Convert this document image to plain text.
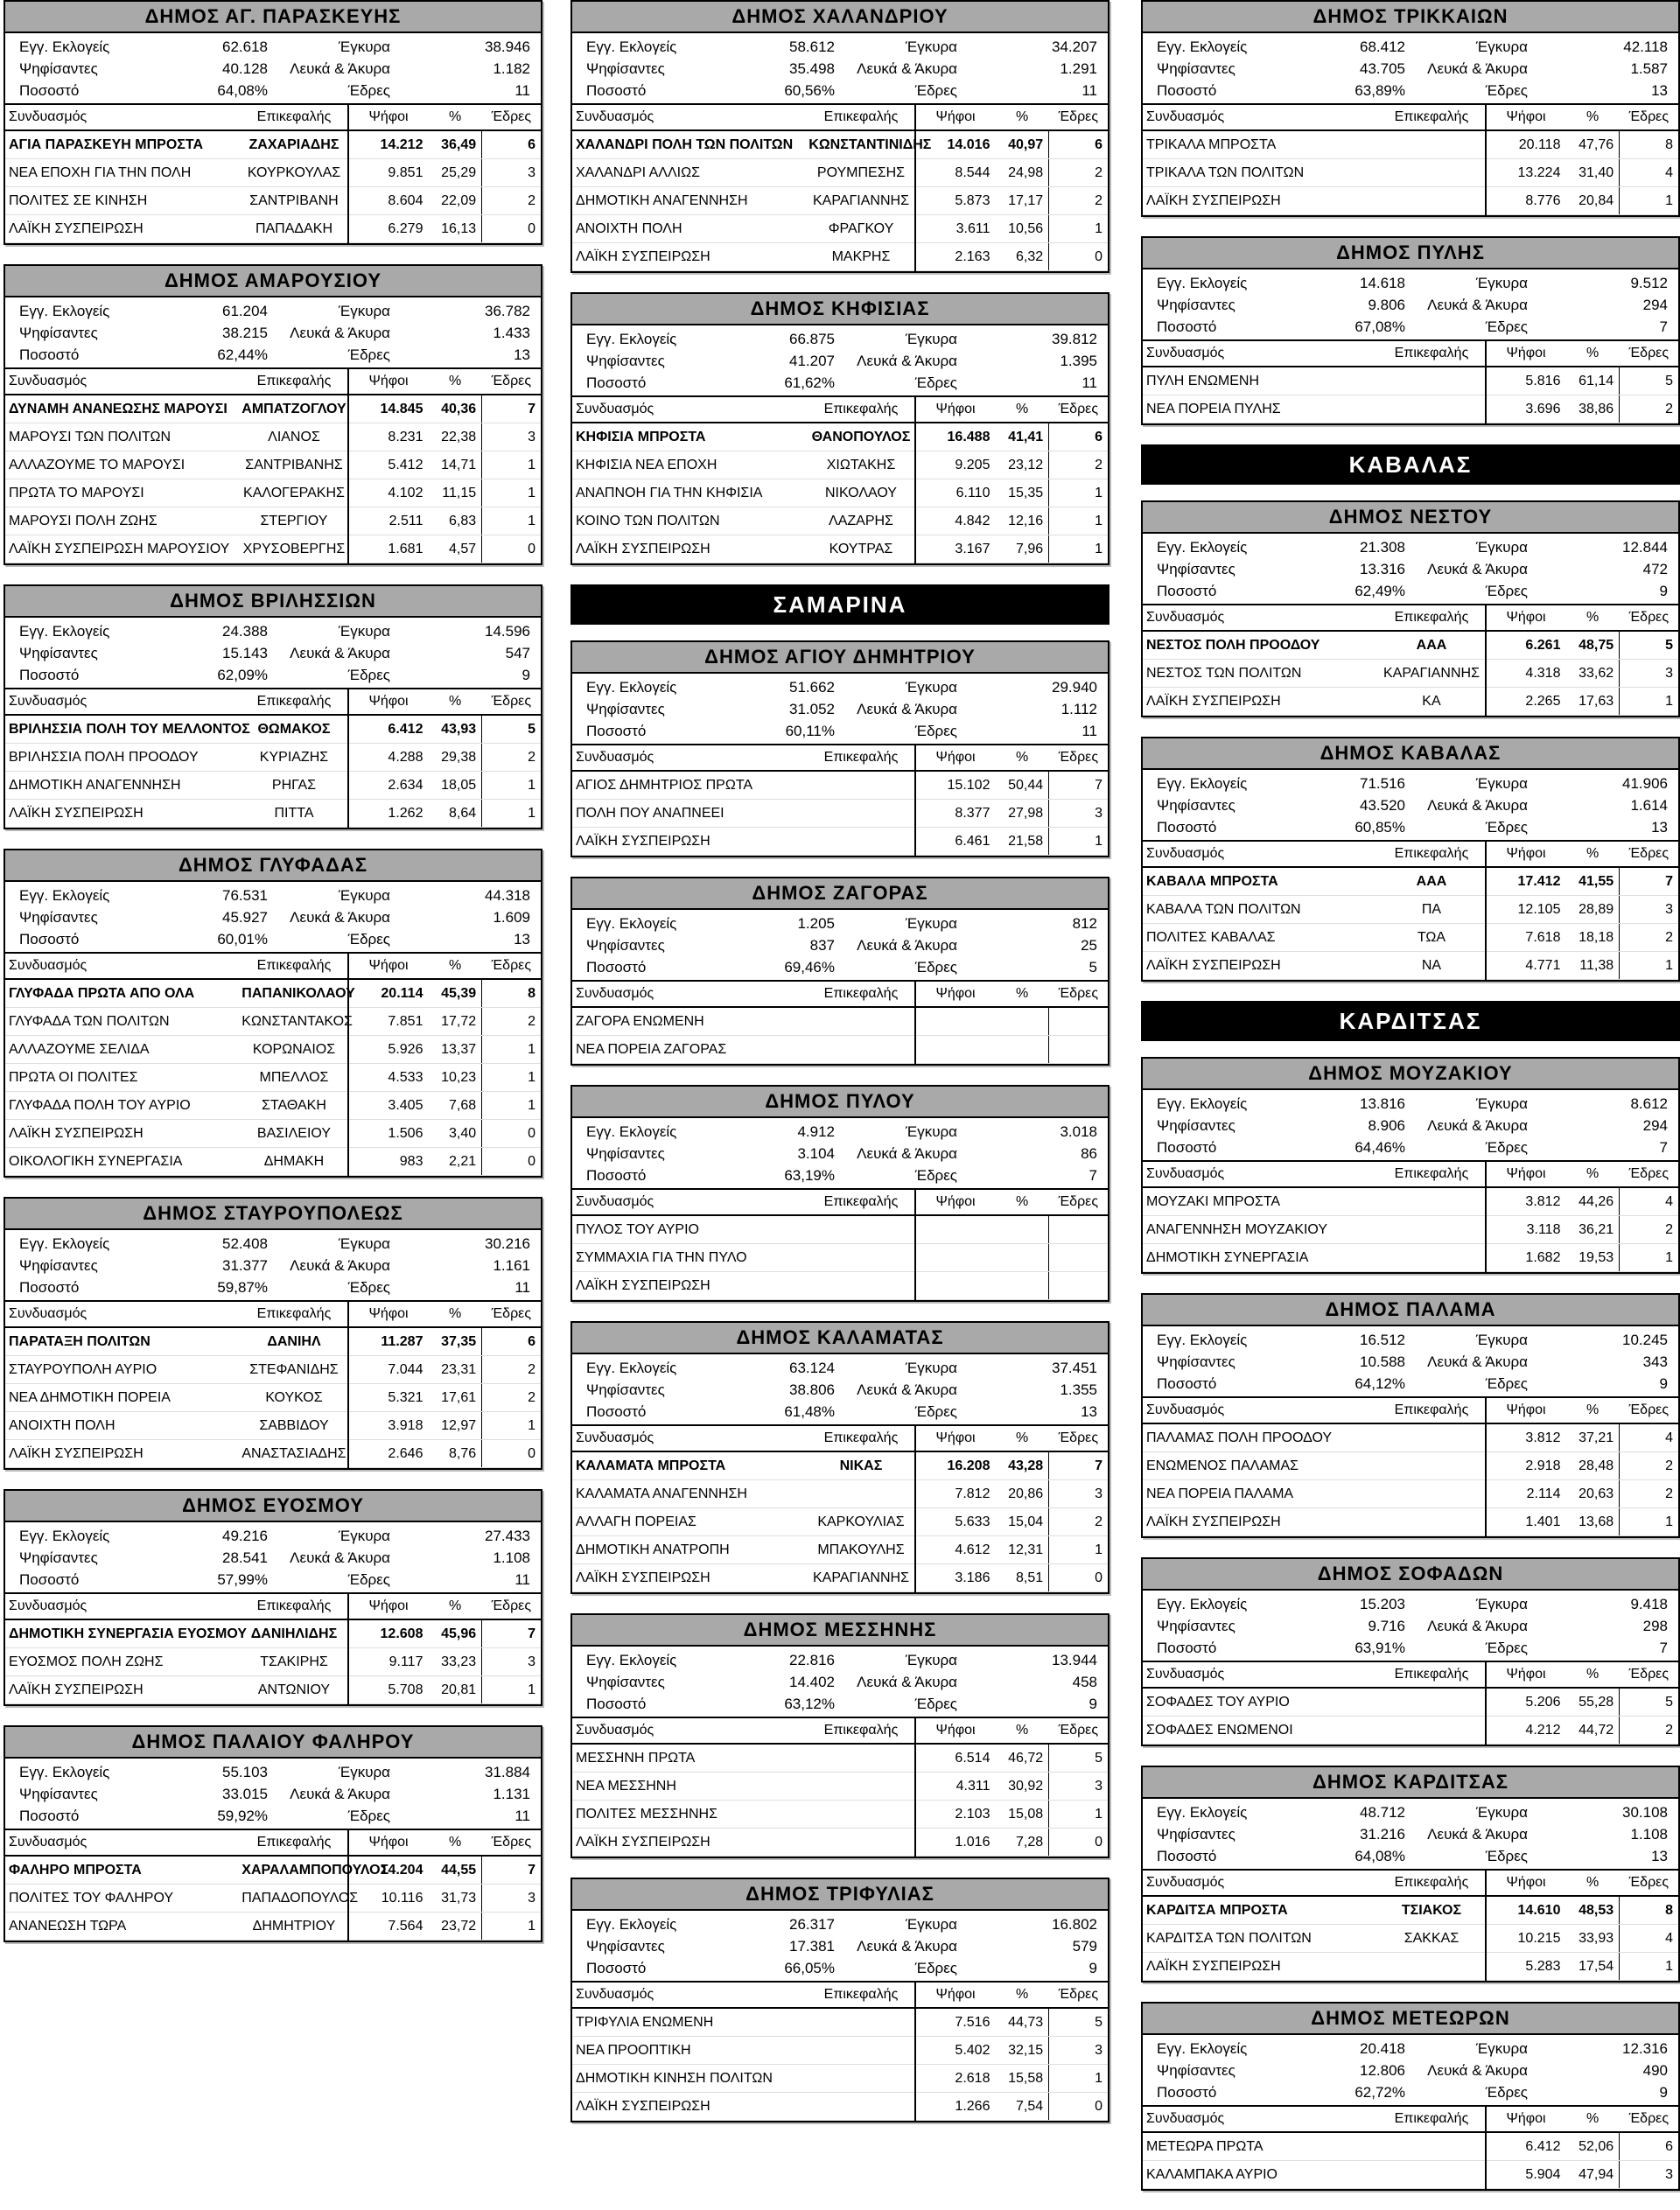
ΔΗΜΟΣ ΑΓ. ΠΑΡΑΣΚΕΥΗΣ
Εγγ. Εκλογείς	62.618	Έγκυρα	38.946
Ψηφίσαντες	40.128	Λευκά & Άκυρα	1.182
Ποσοστό	64,08%	Έδρες	11
Συνδυασμός	Επικεφαλής	Ψήφοι	%	Έδρες
ΑΓΙΑ ΠΑΡΑΣΚΕΥΗ ΜΠΡΟΣΤΑ	ΖΑΧΑΡΙΑΔΗΣ	14.212	36,49	6
ΝΕΑ ΕΠΟΧΗ ΓΙΑ ΤΗΝ ΠΟΛΗ	ΚΟΥΡΚΟΥΛΑΣ	9.851	25,29	3
ΠΟΛΙΤΕΣ ΣΕ ΚΙΝΗΣΗ	ΣΑΝΤΡΙΒΑΝΗ	8.604	22,09	2
ΛΑΪΚΗ ΣΥΣΠΕΙΡΩΣΗ	ΠΑΠΑΔΑΚΗ	6.279	16,13	0
ΔΗΜΟΣ ΑΜΑΡΟΥΣΙΟΥ
Εγγ. Εκλογείς	61.204	Έγκυρα	36.782
Ψηφίσαντες	38.215	Λευκά & Άκυρα	1.433
Ποσοστό	62,44%	Έδρες	13
Συνδυασμός	Επικεφαλής	Ψήφοι	%	Έδρες
ΔΥΝΑΜΗ ΑΝΑΝΕΩΣΗΣ ΜΑΡΟΥΣΙ	ΑΜΠΑΤΖΟΓΛΟΥ	14.845	40,36	7
ΜΑΡΟΥΣΙ ΤΩΝ ΠΟΛΙΤΩΝ	ΛΙΑΝΟΣ	8.231	22,38	3
ΑΛΛΑΖΟΥΜΕ ΤΟ ΜΑΡΟΥΣΙ	ΣΑΝΤΡΙΒΑΝΗΣ	5.412	14,71	1
ΠΡΩΤΑ ΤΟ ΜΑΡΟΥΣΙ	ΚΑΛΟΓΕΡΑΚΗΣ	4.102	11,15	1
ΜΑΡΟΥΣΙ ΠΟΛΗ ΖΩΗΣ	ΣΤΕΡΓΙΟΥ	2.511	6,83	1
ΛΑΪΚΗ ΣΥΣΠΕΙΡΩΣΗ ΜΑΡΟΥΣΙΟΥ	ΧΡΥΣΟΒΕΡΓΗΣ	1.681	4,57	0
ΔΗΜΟΣ ΒΡΙΛΗΣΣΙΩΝ
Εγγ. Εκλογείς	24.388	Έγκυρα	14.596
Ψηφίσαντες	15.143	Λευκά & Άκυρα	547
Ποσοστό	62,09%	Έδρες	9
Συνδυασμός	Επικεφαλής	Ψήφοι	%	Έδρες
ΒΡΙΛΗΣΣΙΑ ΠΟΛΗ ΤΟΥ ΜΕΛΛΟΝΤΟΣ	ΘΩΜΑΚΟΣ	6.412	43,93	5
ΒΡΙΛΗΣΣΙΑ ΠΟΛΗ ΠΡΟΟΔΟΥ	ΚΥΡΙΑΖΗΣ	4.288	29,38	2
ΔΗΜΟΤΙΚΗ ΑΝΑΓΕΝΝΗΣΗ	ΡΗΓΑΣ	2.634	18,05	1
ΛΑΪΚΗ ΣΥΣΠΕΙΡΩΣΗ	ΠΙΤΤΑ	1.262	8,64	1
ΔΗΜΟΣ ΓΛΥΦΑΔΑΣ
Εγγ. Εκλογείς	76.531	Έγκυρα	44.318
Ψηφίσαντες	45.927	Λευκά & Άκυρα	1.609
Ποσοστό	60,01%	Έδρες	13
Συνδυασμός	Επικεφαλής	Ψήφοι	%	Έδρες
ΓΛΥΦΑΔΑ ΠΡΩΤΑ ΑΠΟ ΟΛΑ	ΠΑΠΑΝΙΚΟΛΑΟΥ	20.114	45,39	8
ΓΛΥΦΑΔΑ ΤΩΝ ΠΟΛΙΤΩΝ	ΚΩΝΣΤΑΝΤΑΚΟΣ	7.851	17,72	2
ΑΛΛΑΖΟΥΜΕ ΣΕΛΙΔΑ	ΚΟΡΩΝΑΙΟΣ	5.926	13,37	1
ΠΡΩΤΑ ΟΙ ΠΟΛΙΤΕΣ	ΜΠΕΛΛΟΣ	4.533	10,23	1
ΓΛΥΦΑΔΑ ΠΟΛΗ ΤΟΥ ΑΥΡΙΟ	ΣΤΑΘΑΚΗ	3.405	7,68	1
ΛΑΪΚΗ ΣΥΣΠΕΙΡΩΣΗ	ΒΑΣΙΛΕΙΟΥ	1.506	3,40	0
ΟΙΚΟΛΟΓΙΚΗ ΣΥΝΕΡΓΑΣΙΑ	ΔΗΜΑΚΗ	983	2,21	0
ΔΗΜΟΣ ΣΤΑΥΡΟΥΠΟΛΕΩΣ
Εγγ. Εκλογείς	52.408	Έγκυρα	30.216
Ψηφίσαντες	31.377	Λευκά & Άκυρα	1.161
Ποσοστό	59,87%	Έδρες	11
Συνδυασμός	Επικεφαλής	Ψήφοι	%	Έδρες
ΠΑΡΑΤΑΞΗ ΠΟΛΙΤΩΝ	ΔΑΝΙΗΛ	11.287	37,35	6
ΣΤΑΥΡΟΥΠΟΛΗ ΑΥΡΙΟ	ΣΤΕΦΑΝΙΔΗΣ	7.044	23,31	2
ΝΕΑ ΔΗΜΟΤΙΚΗ ΠΟΡΕΙΑ	ΚΟΥΚΟΣ	5.321	17,61	2
ΑΝΟΙΧΤΗ ΠΟΛΗ	ΣΑΒΒΙΔΟΥ	3.918	12,97	1
ΛΑΪΚΗ ΣΥΣΠΕΙΡΩΣΗ	ΑΝΑΣΤΑΣΙΑΔΗΣ	2.646	8,76	0
ΔΗΜΟΣ ΕΥΟΣΜΟΥ
Εγγ. Εκλογείς	49.216	Έγκυρα	27.433
Ψηφίσαντες	28.541	Λευκά & Άκυρα	1.108
Ποσοστό	57,99%	Έδρες	11
Συνδυασμός	Επικεφαλής	Ψήφοι	%	Έδρες
ΔΗΜΟΤΙΚΗ ΣΥΝΕΡΓΑΣΙΑ ΕΥΟΣΜΟΥ	ΔΑΝΙΗΛΙΔΗΣ	12.608	45,96	7
ΕΥΟΣΜΟΣ ΠΟΛΗ ΖΩΗΣ	ΤΣΑΚΙΡΗΣ	9.117	33,23	3
ΛΑΪΚΗ ΣΥΣΠΕΙΡΩΣΗ	ΑΝΤΩΝΙΟΥ	5.708	20,81	1
ΔΗΜΟΣ ΠΑΛΑΙΟΥ ΦΑΛΗΡΟΥ
Εγγ. Εκλογείς	55.103	Έγκυρα	31.884
Ψηφίσαντες	33.015	Λευκά & Άκυρα	1.131
Ποσοστό	59,92%	Έδρες	11
Συνδυασμός	Επικεφαλής	Ψήφοι	%	Έδρες
ΦΑΛΗΡΟ ΜΠΡΟΣΤΑ	ΧΑΡΑΛΑΜΠΟΠΟΥΛΟΣ	14.204	44,55	7
ΠΟΛΙΤΕΣ ΤΟΥ ΦΑΛΗΡΟΥ	ΠΑΠΑΔΟΠΟΥΛΟΣ	10.116	31,73	3
ΑΝΑΝΕΩΣΗ ΤΩΡΑ	ΔΗΜΗΤΡΙΟΥ	7.564	23,72	1
ΔΗΜΟΣ ΧΑΛΑΝΔΡΙΟΥ
Εγγ. Εκλογείς	58.612	Έγκυρα	34.207
Ψηφίσαντες	35.498	Λευκά & Άκυρα	1.291
Ποσοστό	60,56%	Έδρες	11
Συνδυασμός	Επικεφαλής	Ψήφοι	%	Έδρες
ΧΑΛΑΝΔΡΙ ΠΟΛΗ ΤΩΝ ΠΟΛΙΤΩΝ	ΚΩΝΣΤΑΝΤΙΝΙΔΗΣ	14.016	40,97	6
ΧΑΛΑΝΔΡΙ ΑΛΛΙΩΣ	ΡΟΥΜΠΕΣΗΣ	8.544	24,98	2
ΔΗΜΟΤΙΚΗ ΑΝΑΓΕΝΝΗΣΗ	ΚΑΡΑΓΙΑΝΝΗΣ	5.873	17,17	2
ΑΝΟΙΧΤΗ ΠΟΛΗ	ΦΡΑΓΚΟΥ	3.611	10,56	1
ΛΑΪΚΗ ΣΥΣΠΕΙΡΩΣΗ	ΜΑΚΡΗΣ	2.163	6,32	0
ΔΗΜΟΣ ΚΗΦΙΣΙΑΣ
Εγγ. Εκλογείς	66.875	Έγκυρα	39.812
Ψηφίσαντες	41.207	Λευκά & Άκυρα	1.395
Ποσοστό	61,62%	Έδρες	11
Συνδυασμός	Επικεφαλής	Ψήφοι	%	Έδρες
ΚΗΦΙΣΙΑ ΜΠΡΟΣΤΑ	ΘΑΝΟΠΟΥΛΟΣ	16.488	41,41	6
ΚΗΦΙΣΙΑ ΝΕΑ ΕΠΟΧΗ	ΧΙΩΤΑΚΗΣ	9.205	23,12	2
ΑΝΑΠΝΟΗ ΓΙΑ ΤΗΝ ΚΗΦΙΣΙΑ	ΝΙΚΟΛΑΟΥ	6.110	15,35	1
ΚΟΙΝΟ ΤΩΝ ΠΟΛΙΤΩΝ	ΛΑΖΑΡΗΣ	4.842	12,16	1
ΛΑΪΚΗ ΣΥΣΠΕΙΡΩΣΗ	ΚΟΥΤΡΑΣ	3.167	7,96	1
ΣΑΜΑΡΙΝΑ
ΔΗΜΟΣ ΑΓΙΟΥ ΔΗΜΗΤΡΙΟΥ
Εγγ. Εκλογείς	51.662	Έγκυρα	29.940
Ψηφίσαντες	31.052	Λευκά & Άκυρα	1.112
Ποσοστό	60,11%	Έδρες	11
Συνδυασμός	Επικεφαλής	Ψήφοι	%	Έδρες
ΑΓΙΟΣ ΔΗΜΗΤΡΙΟΣ ΠΡΩΤΑ		15.102	50,44	7
ΠΟΛΗ ΠΟΥ ΑΝΑΠΝΕΕΙ		8.377	27,98	3
ΛΑΪΚΗ ΣΥΣΠΕΙΡΩΣΗ		6.461	21,58	1
ΔΗΜΟΣ ΖΑΓΟΡΑΣ
Εγγ. Εκλογείς	1.205	Έγκυρα	812
Ψηφίσαντες	837	Λευκά & Άκυρα	25
Ποσοστό	69,46%	Έδρες	5
Συνδυασμός	Επικεφαλής	Ψήφοι	%	Έδρες
ΖΑΓΟΡΑ ΕΝΩΜΕΝΗ				
ΝΕΑ ΠΟΡΕΙΑ ΖΑΓΟΡΑΣ				
ΔΗΜΟΣ ΠΥΛΟΥ
Εγγ. Εκλογείς	4.912	Έγκυρα	3.018
Ψηφίσαντες	3.104	Λευκά & Άκυρα	86
Ποσοστό	63,19%	Έδρες	7
Συνδυασμός	Επικεφαλής	Ψήφοι	%	Έδρες
ΠΥΛΟΣ ΤΟΥ ΑΥΡΙΟ				
ΣΥΜΜΑΧΙΑ ΓΙΑ ΤΗΝ ΠΥΛΟ				
ΛΑΪΚΗ ΣΥΣΠΕΙΡΩΣΗ				
ΔΗΜΟΣ ΚΑΛΑΜΑΤΑΣ
Εγγ. Εκλογείς	63.124	Έγκυρα	37.451
Ψηφίσαντες	38.806	Λευκά & Άκυρα	1.355
Ποσοστό	61,48%	Έδρες	13
Συνδυασμός	Επικεφαλής	Ψήφοι	%	Έδρες
ΚΑΛΑΜΑΤΑ ΜΠΡΟΣΤΑ	ΝΙΚΑΣ	16.208	43,28	7
ΚΑΛΑΜΑΤΑ ΑΝΑΓΕΝΝΗΣΗ		7.812	20,86	3
ΑΛΛΑΓΗ ΠΟΡΕΙΑΣ	ΚΑΡΚΟΥΛΙΑΣ	5.633	15,04	2
ΔΗΜΟΤΙΚΗ ΑΝΑΤΡΟΠΗ	ΜΠΑΚΟΥΛΗΣ	4.612	12,31	1
ΛΑΪΚΗ ΣΥΣΠΕΙΡΩΣΗ	ΚΑΡΑΓΙΑΝΝΗΣ	3.186	8,51	0
ΔΗΜΟΣ ΜΕΣΣΗΝΗΣ
Εγγ. Εκλογείς	22.816	Έγκυρα	13.944
Ψηφίσαντες	14.402	Λευκά & Άκυρα	458
Ποσοστό	63,12%	Έδρες	9
Συνδυασμός	Επικεφαλής	Ψήφοι	%	Έδρες
ΜΕΣΣΗΝΗ ΠΡΩΤΑ		6.514	46,72	5
ΝΕΑ ΜΕΣΣΗΝΗ		4.311	30,92	3
ΠΟΛΙΤΕΣ ΜΕΣΣΗΝΗΣ		2.103	15,08	1
ΛΑΪΚΗ ΣΥΣΠΕΙΡΩΣΗ		1.016	7,28	0
ΔΗΜΟΣ ΤΡΙΦΥΛΙΑΣ
Εγγ. Εκλογείς	26.317	Έγκυρα	16.802
Ψηφίσαντες	17.381	Λευκά & Άκυρα	579
Ποσοστό	66,05%	Έδρες	9
Συνδυασμός	Επικεφαλής	Ψήφοι	%	Έδρες
ΤΡΙΦΥΛΙΑ ΕΝΩΜΕΝΗ		7.516	44,73	5
ΝΕΑ ΠΡΟΟΠΤΙΚΗ		5.402	32,15	3
ΔΗΜΟΤΙΚΗ ΚΙΝΗΣΗ ΠΟΛΙΤΩΝ		2.618	15,58	1
ΛΑΪΚΗ ΣΥΣΠΕΙΡΩΣΗ		1.266	7,54	0
ΔΗΜΟΣ ΤΡΙΚΚΑΙΩΝ
Εγγ. Εκλογείς	68.412	Έγκυρα	42.118
Ψηφίσαντες	43.705	Λευκά & Άκυρα	1.587
Ποσοστό	63,89%	Έδρες	13
Συνδυασμός	Επικεφαλής	Ψήφοι	%	Έδρες
ΤΡΙΚΑΛΑ ΜΠΡΟΣΤΑ		20.118	47,76	8
ΤΡΙΚΑΛΑ ΤΩΝ ΠΟΛΙΤΩΝ		13.224	31,40	4
ΛΑΪΚΗ ΣΥΣΠΕΙΡΩΣΗ		8.776	20,84	1
ΔΗΜΟΣ ΠΥΛΗΣ
Εγγ. Εκλογείς	14.618	Έγκυρα	9.512
Ψηφίσαντες	9.806	Λευκά & Άκυρα	294
Ποσοστό	67,08%	Έδρες	7
Συνδυασμός	Επικεφαλής	Ψήφοι	%	Έδρες
ΠΥΛΗ ΕΝΩΜΕΝΗ		5.816	61,14	5
ΝΕΑ ΠΟΡΕΙΑ ΠΥΛΗΣ		3.696	38,86	2
ΚΑΒΑΛΑΣ
ΔΗΜΟΣ ΝΕΣΤΟΥ
Εγγ. Εκλογείς	21.308	Έγκυρα	12.844
Ψηφίσαντες	13.316	Λευκά & Άκυρα	472
Ποσοστό	62,49%	Έδρες	9
Συνδυασμός	Επικεφαλής	Ψήφοι	%	Έδρες
ΝΕΣΤΟΣ ΠΟΛΗ ΠΡΟΟΔΟΥ	ΑΑΑ	6.261	48,75	5
ΝΕΣΤΟΣ ΤΩΝ ΠΟΛΙΤΩΝ	ΚΑΡΑΓΙΑΝΝΗΣ	4.318	33,62	3
ΛΑΪΚΗ ΣΥΣΠΕΙΡΩΣΗ	ΚΑ	2.265	17,63	1
ΔΗΜΟΣ ΚΑΒΑΛΑΣ
Εγγ. Εκλογείς	71.516	Έγκυρα	41.906
Ψηφίσαντες	43.520	Λευκά & Άκυρα	1.614
Ποσοστό	60,85%	Έδρες	13
Συνδυασμός	Επικεφαλής	Ψήφοι	%	Έδρες
ΚΑΒΑΛΑ ΜΠΡΟΣΤΑ	ΑΑΑ	17.412	41,55	7
ΚΑΒΑΛΑ ΤΩΝ ΠΟΛΙΤΩΝ	ΠΑ	12.105	28,89	3
ΠΟΛΙΤΕΣ ΚΑΒΑΛΑΣ	ΤΩΑ	7.618	18,18	2
ΛΑΪΚΗ ΣΥΣΠΕΙΡΩΣΗ	ΝΑ	4.771	11,38	1
ΚΑΡΔΙΤΣΑΣ
ΔΗΜΟΣ ΜΟΥΖΑΚΙΟΥ
Εγγ. Εκλογείς	13.816	Έγκυρα	8.612
Ψηφίσαντες	8.906	Λευκά & Άκυρα	294
Ποσοστό	64,46%	Έδρες	7
Συνδυασμός	Επικεφαλής	Ψήφοι	%	Έδρες
ΜΟΥΖΑΚΙ ΜΠΡΟΣΤΑ		3.812	44,26	4
ΑΝΑΓΕΝΝΗΣΗ ΜΟΥΖΑΚΙΟΥ		3.118	36,21	2
ΔΗΜΟΤΙΚΗ ΣΥΝΕΡΓΑΣΙΑ		1.682	19,53	1
ΔΗΜΟΣ ΠΑΛΑΜΑ
Εγγ. Εκλογείς	16.512	Έγκυρα	10.245
Ψηφίσαντες	10.588	Λευκά & Άκυρα	343
Ποσοστό	64,12%	Έδρες	9
Συνδυασμός	Επικεφαλής	Ψήφοι	%	Έδρες
ΠΑΛΑΜΑΣ ΠΟΛΗ ΠΡΟΟΔΟΥ		3.812	37,21	4
ΕΝΩΜΕΝΟΣ ΠΑΛΑΜΑΣ		2.918	28,48	2
ΝΕΑ ΠΟΡΕΙΑ ΠΑΛΑΜΑ		2.114	20,63	2
ΛΑΪΚΗ ΣΥΣΠΕΙΡΩΣΗ		1.401	13,68	1
ΔΗΜΟΣ ΣΟΦΑΔΩΝ
Εγγ. Εκλογείς	15.203	Έγκυρα	9.418
Ψηφίσαντες	9.716	Λευκά & Άκυρα	298
Ποσοστό	63,91%	Έδρες	7
Συνδυασμός	Επικεφαλής	Ψήφοι	%	Έδρες
ΣΟΦΑΔΕΣ ΤΟΥ ΑΥΡΙΟ		5.206	55,28	5
ΣΟΦΑΔΕΣ ΕΝΩΜΕΝΟΙ		4.212	44,72	2
ΔΗΜΟΣ ΚΑΡΔΙΤΣΑΣ
Εγγ. Εκλογείς	48.712	Έγκυρα	30.108
Ψηφίσαντες	31.216	Λευκά & Άκυρα	1.108
Ποσοστό	64,08%	Έδρες	13
Συνδυασμός	Επικεφαλής	Ψήφοι	%	Έδρες
ΚΑΡΔΙΤΣΑ ΜΠΡΟΣΤΑ	ΤΣΙΑΚΟΣ	14.610	48,53	8
ΚΑΡΔΙΤΣΑ ΤΩΝ ΠΟΛΙΤΩΝ	ΣΑΚΚΑΣ	10.215	33,93	4
ΛΑΪΚΗ ΣΥΣΠΕΙΡΩΣΗ		5.283	17,54	1
ΔΗΜΟΣ ΜΕΤΕΩΡΩΝ
Εγγ. Εκλογείς	20.418	Έγκυρα	12.316
Ψηφίσαντες	12.806	Λευκά & Άκυρα	490
Ποσοστό	62,72%	Έδρες	9
Συνδυασμός	Επικεφαλής	Ψήφοι	%	Έδρες
ΜΕΤΕΩΡΑ ΠΡΩΤΑ		6.412	52,06	6
ΚΑΛΑΜΠΑΚΑ ΑΥΡΙΟ		5.904	47,94	3
